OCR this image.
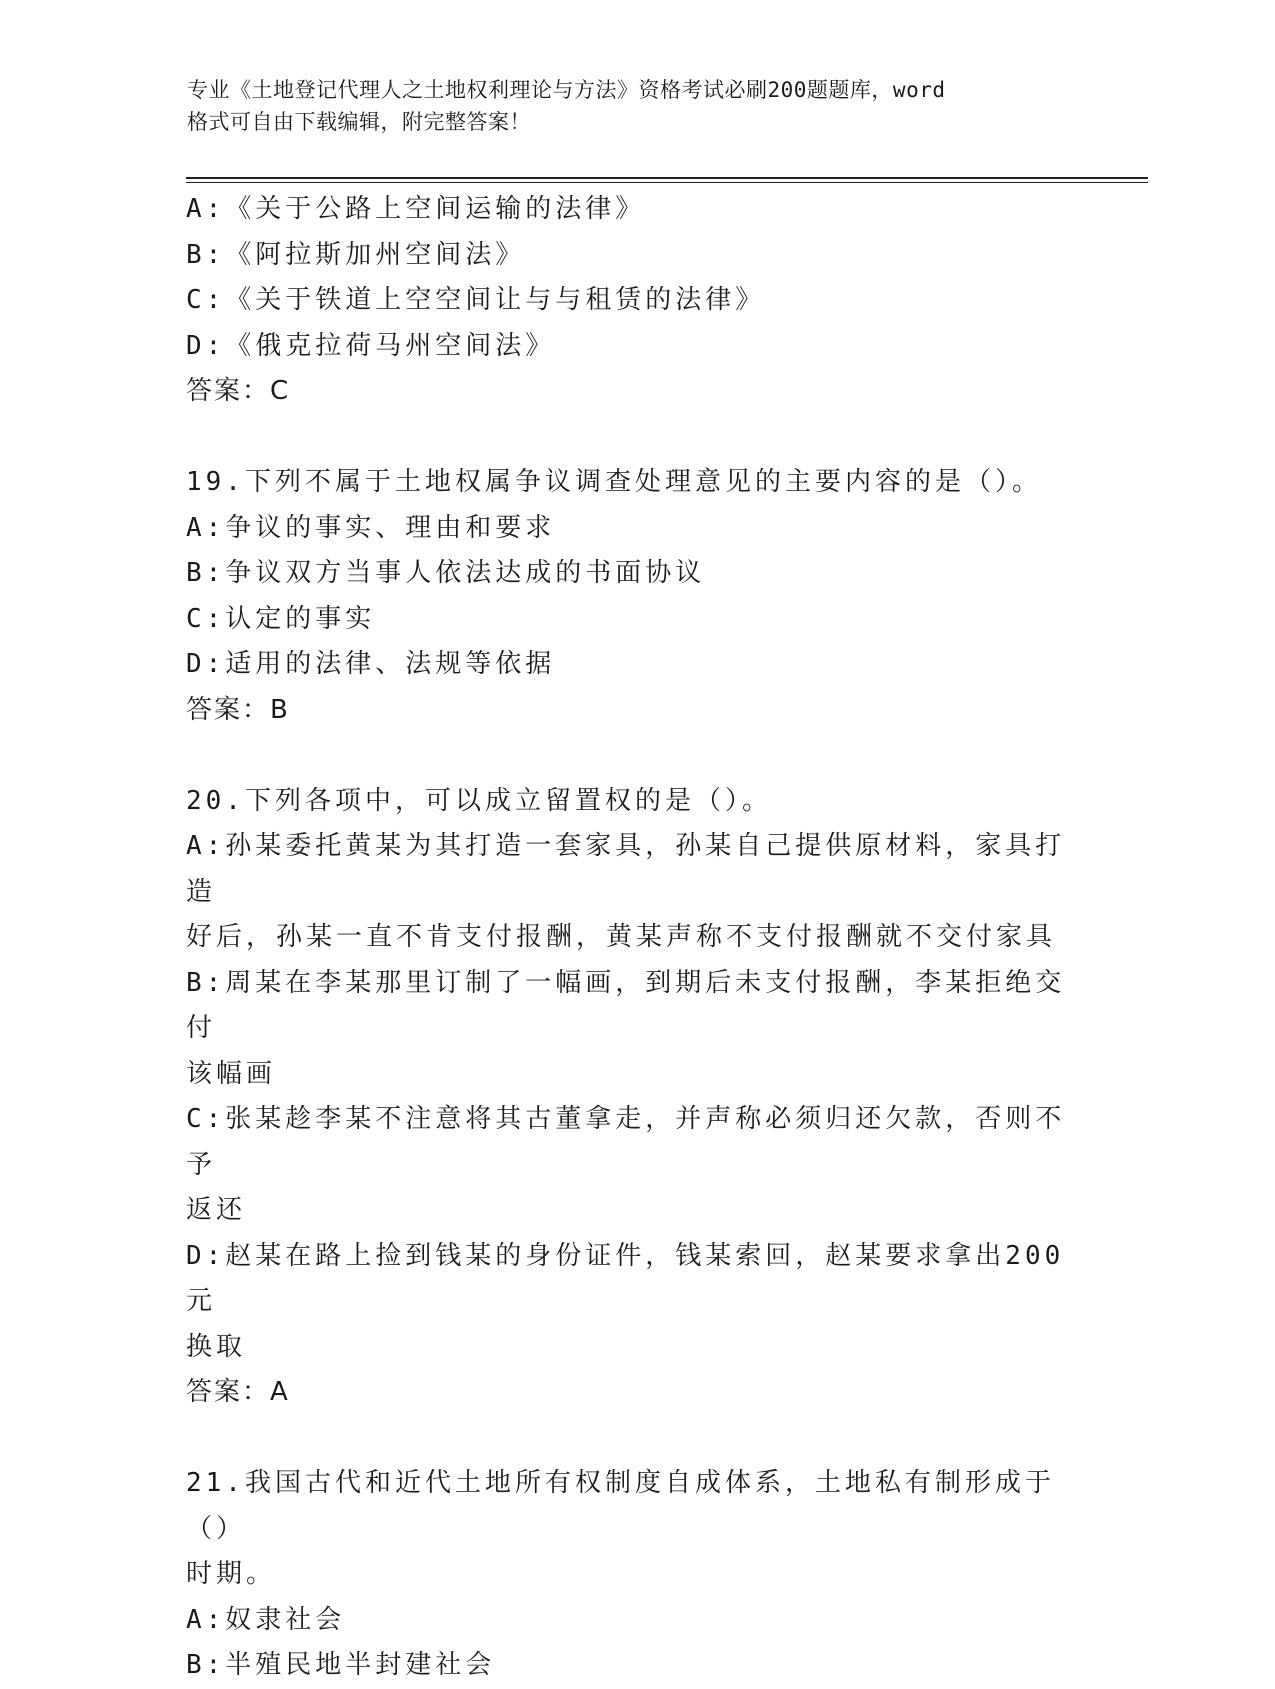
专业《土地登记代理人之土地权利理论与方法》资格考试必刷200题题库，word
格式可自由下载编辑，附完整答案！

A:《关于公路上空间运输的法律》

B:《阿拉斯加州空间法》

C:《关于铁道上空空间让与与租赁的法律》

D:《俄克拉荷马州空间法》

答案：C

19.下列不属于土地权属争议调查处理意见的主要内容的是（）。

A:争议的事实、理由和要求

B:争议双方当事人依法达成的书面协议

C:认定的事实

D:适用的法律、法规等依据

答案：B

20.下列各项中，可以成立留置权的是（）。

A:孙某委托黄某为其打造一套家具，孙某自己提供原材料，家具打造

好后，孙某一直不肯支付报酬，黄某声称不支付报酬就不交付家具

B:周某在李某那里订制了一幅画，到期后未支付报酬，李某拒绝交付

该幅画

C:张某趁李某不注意将其古董拿走，并声称必须归还欠款，否则不予

返还

D:赵某在路上捡到钱某的身份证件，钱某索回，赵某要求拿出200元

换取

答案：A

21.我国古代和近代土地所有权制度自成体系，土地私有制形成于（）

时期。

A:奴隶社会

B:半殖民地半封建社会
